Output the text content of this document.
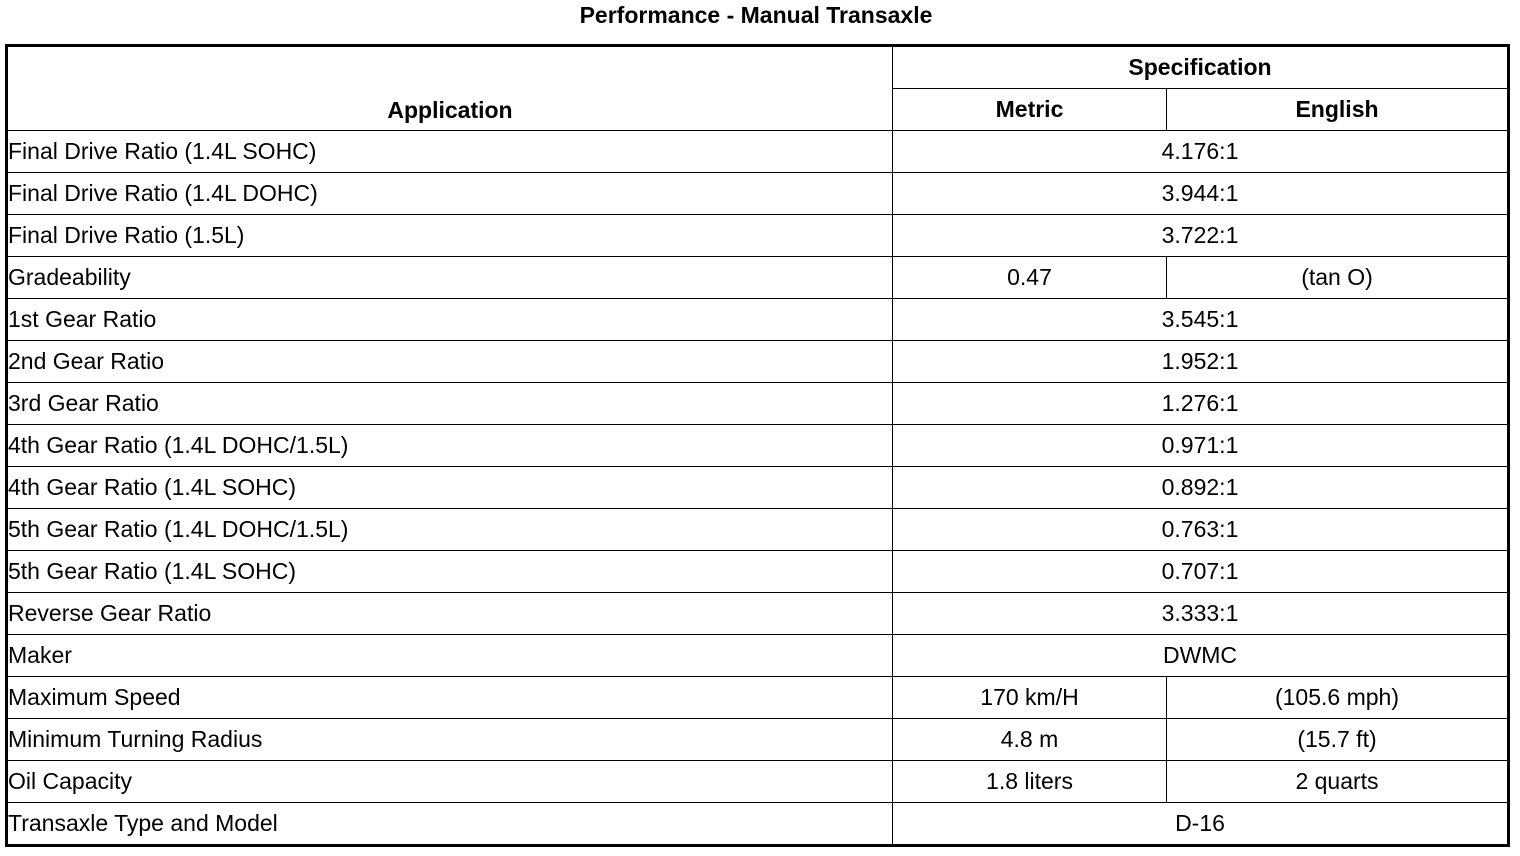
Performance - Manual Transaxle
Application	Specification	
	Metric	English
Final Drive Ratio (1.4L SOHC)	4.176:1	
Final Drive Ratio (1.4L DOHC)	3.944:1	
Final Drive Ratio (1.5L)	3.722:1	
Gradeability	0.47	(tan O)
1st Gear Ratio	3.545:1	
2nd Gear Ratio	1.952:1	
3rd Gear Ratio	1.276:1	
4th Gear Ratio (1.4L DOHC/1.5L)	0.971:1	
4th Gear Ratio (1.4L SOHC)	0.892:1	
5th Gear Ratio (1.4L DOHC/1.5L)	0.763:1	
5th Gear Ratio (1.4L SOHC)	0.707:1	
Reverse Gear Ratio	3.333:1	
Maker	DWMC	
Maximum Speed	170 km/H	(105.6 mph)
Minimum Turning Radius	4.8 m	(15.7 ft)
Oil Capacity	1.8 liters	2 quarts
Transaxle Type and Model	D-16	
